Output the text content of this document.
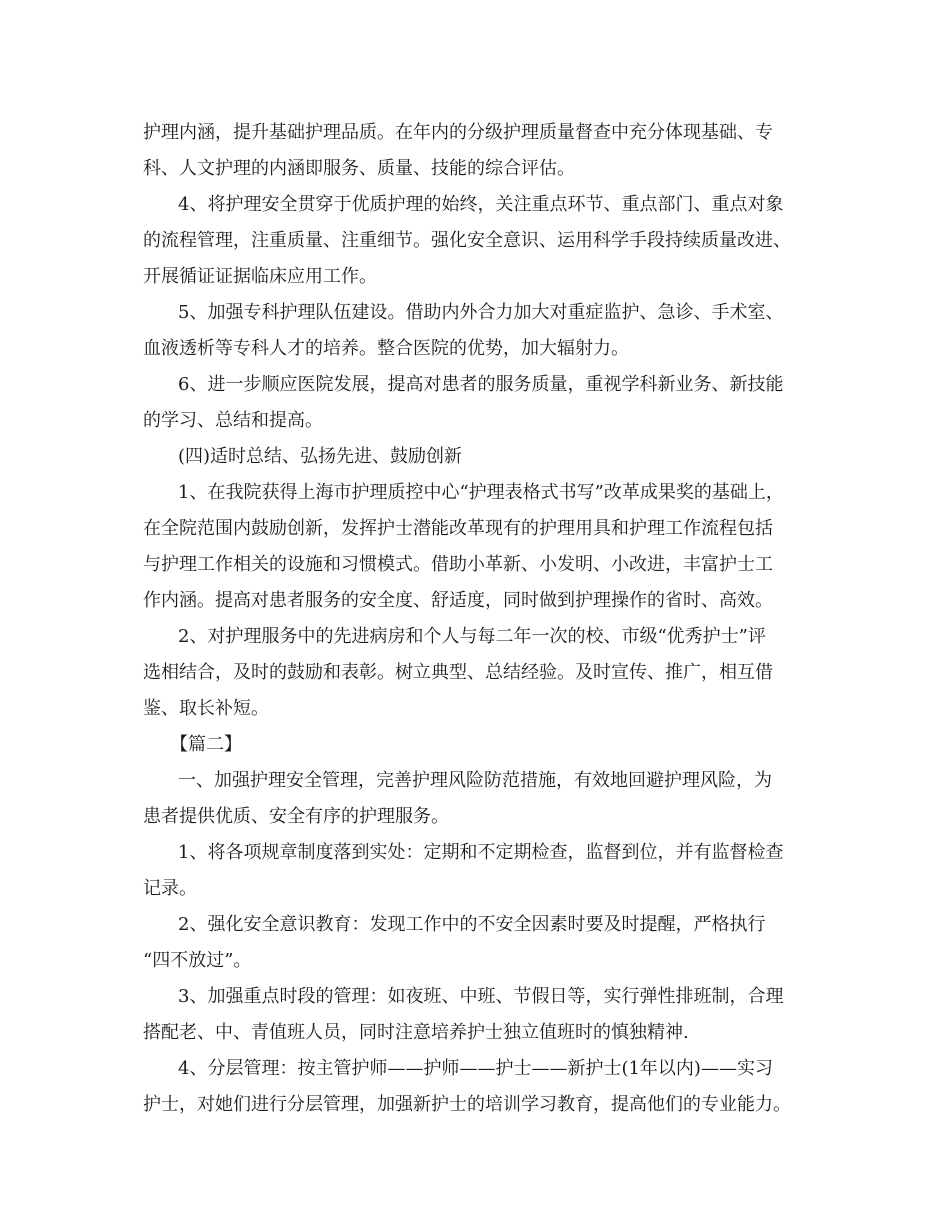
护理内涵，提升基础护理品质。在年内的分级护理质量督查中充分体现基础、专
科、人文护理的内涵即服务、质量、技能的综合评估。
4、将护理安全贯穿于优质护理的始终，关注重点环节、重点部门、重点对象
的流程管理，注重质量、注重细节。强化安全意识、运用科学手段持续质量改进、
开展循证证据临床应用工作。
5、加强专科护理队伍建设。借助内外合力加大对重症监护、急诊、手术室、
血液透析等专科人才的培养。整合医院的优势，加大辐射力。
6、进一步顺应医院发展，提高对患者的服务质量，重视学科新业务、新技能
的学习、总结和提高。
(四)适时总结、弘扬先进、鼓励创新
1、在我院获得上海市护理质控中心“护理表格式书写”改革成果奖的基础上，
在全院范围内鼓励创新，发挥护士潜能改革现有的护理用具和护理工作流程包括
与护理工作相关的设施和习惯模式。借助小革新、小发明、小改进，丰富护士工
作内涵。提高对患者服务的安全度、舒适度，同时做到护理操作的省时、高效。
2、对护理服务中的先进病房和个人与每二年一次的校、市级“优秀护士”评
选相结合，及时的鼓励和表彰。树立典型、总结经验。及时宣传、推广，相互借
鉴、取长补短。
【篇二】
一、加强护理安全管理，完善护理风险防范措施，有效地回避护理风险，为
患者提供优质、安全有序的护理服务。
1、将各项规章制度落到实处：定期和不定期检查，监督到位，并有监督检查
记录。
2、强化安全意识教育：发现工作中的不安全因素时要及时提醒，严格执行
“四不放过”。
3、加强重点时段的管理：如夜班、中班、节假日等，实行弹性排班制，合理
搭配老、中、青值班人员，同时注意培养护士独立值班时的慎独精神.
4、分层管理：按主管护师——护师——护士——新护士(1年以内)——实习
护士，对她们进行分层管理，加强新护士的培训学习教育，提高他们的专业能力。
